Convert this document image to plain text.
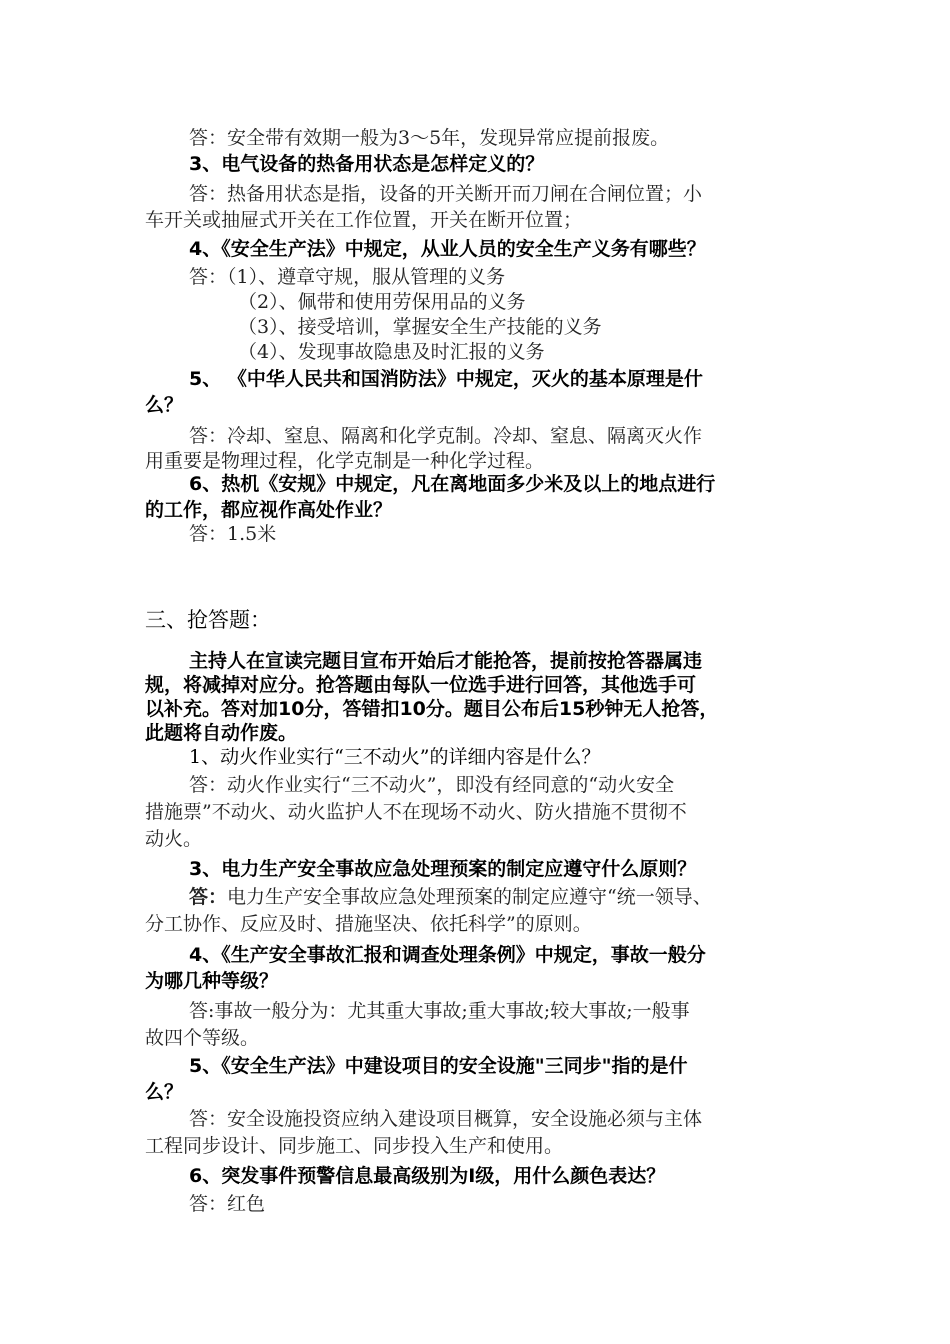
答：安全带有效期一般为3～5年，发现异常应提前报废。
3、电气设备的热备用状态是怎样定义的？
答：热备用状态是指，设备的开关断开而刀闸在合闸位置；小
车开关或抽屉式开关在工作位置，开关在断开位置；
4、《安全生产法》中规定，从业人员的安全生产义务有哪些？
答：（1）、遵章守规，服从管理的义务
（2）、佩带和使用劳保用品的义务
（3）、接受培训，掌握安全生产技能的义务
（4）、发现事故隐患及时汇报的义务
5、 《中华人民共和国消防法》中规定，灭火的基本原理是什
么？
答：冷却、窒息、隔离和化学克制。冷却、窒息、隔离灭火作
用重要是物理过程，化学克制是一种化学过程。
6、热机《安规》中规定，凡在离地面多少米及以上的地点进行
的工作，都应视作高处作业？
答：1.5米
三、抢答题：
主持人在宣读完题目宣布开始后才能抢答，提前按抢答器属违
规，将减掉对应分。抢答题由每队一位选手进行回答，其他选手可
以补充。答对加10分，答错扣10分。题目公布后15秒钟无人抢答，
此题将自动作废。
1、动火作业实行“三不动火”的详细内容是什么？
答：动火作业实行“三不动火”，即没有经同意的“动火安全
措施票”不动火、动火监护人不在现场不动火、防火措施不贯彻不
动火。
3、电力生产安全事故应急处理预案的制定应遵守什么原则？
答：电力生产安全事故应急处理预案的制定应遵守“统一领导、
分工协作、反应及时、措施坚决、依托科学”的原则。
4、《生产安全事故汇报和调查处理条例》中规定，事故一般分
为哪几种等级？
答:事故一般分为：尤其重大事故;重大事故;较大事故;一般事
故四个等级。
5、《安全生产法》中建设项目的安全设施"三同步"指的是什
么？
答：安全设施投资应纳入建设项目概算，安全设施必须与主体
工程同步设计、同步施工、同步投入生产和使用。
6、突发事件预警信息最高级别为Ⅰ级，用什么颜色表达？
答：红色
